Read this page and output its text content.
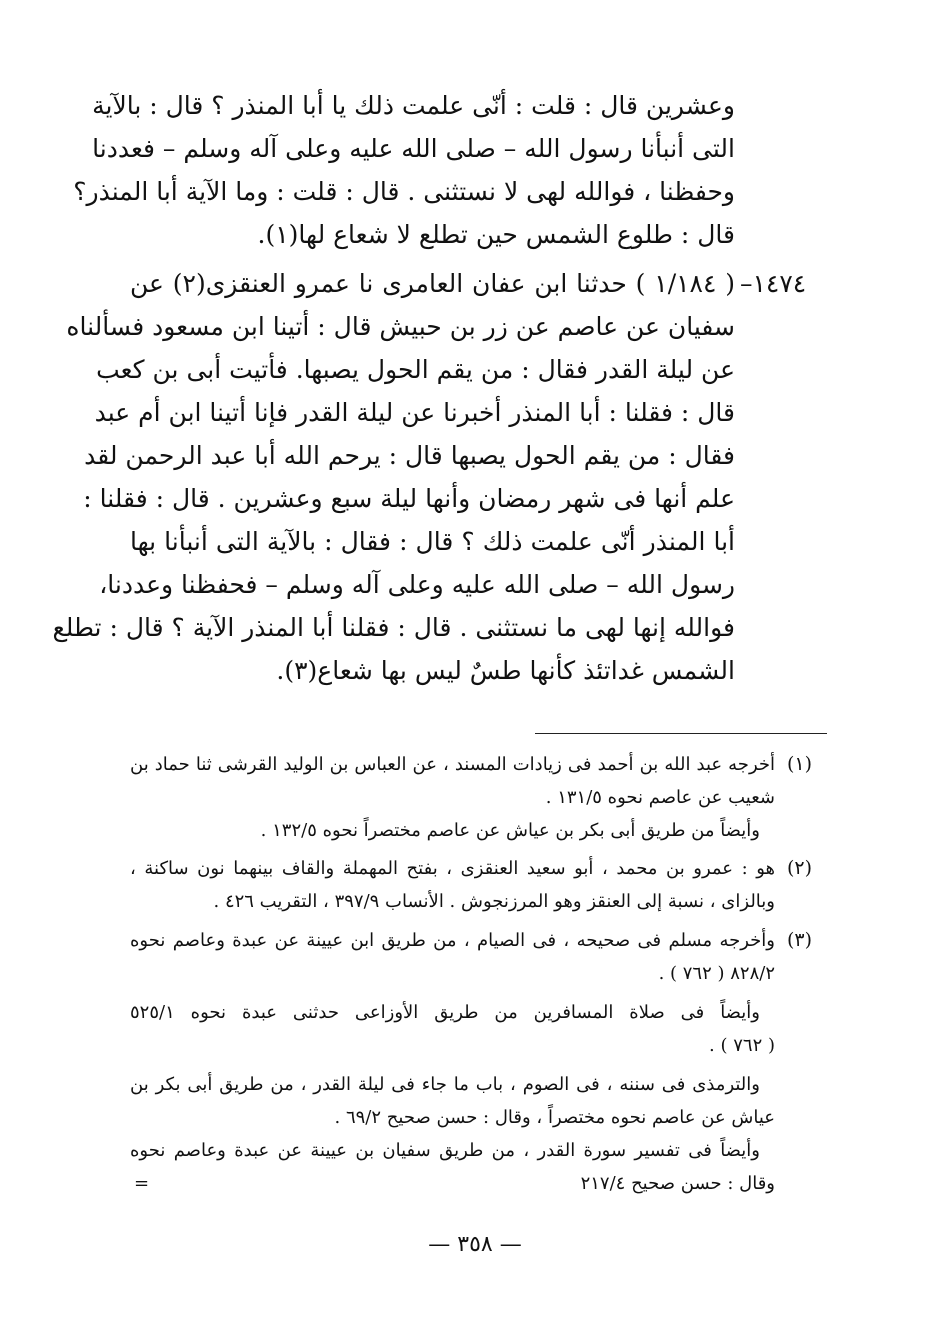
وعشرين قال : قلت : أنّى علمت ذلك يا أبا المنذر ؟ قال : بالآية
التى أنبأنا رسول الله – صلى الله عليه وعلى آله وسلم – فعددنا
وحفظنا ، فوالله لهى لا نستثنى . قال : قلت : وما الآية أبا المنذر؟
قال : طلوع الشمس حين تطلع لا شعاع لها(١).
١٤٧٤–
( ١/١٨٤ ) حدثنا ابن عفان العامرى نا عمرو العنقزى(٢) عن
سفيان عن عاصم عن زر بن حبيش قال : أتينا ابن مسعود فسألناه
عن ليلة القدر فقال : من يقم الحول يصبها. فأتيت أبى بن كعب
قال : فقلنا : أبا المنذر أخبرنا عن ليلة القدر فإنا أتينا ابن أم عبد
فقال : من يقم الحول يصبها قال : يرحم الله أبا عبد الرحمن لقد
علم أنها فى شهر رمضان وأنها ليلة سبع وعشرين . قال : فقلنا :
أبا المنذر أنّى علمت ذلك ؟ قال : فقال : بالآية التى أنبأنا بها
رسول الله – صلى الله عليه وعلى آله وسلم – فحفظنا وعددنا،
فوالله إنها لهى ما نستثنى . قال : فقلنا أبا المنذر الآية ؟ قال : تطلع
الشمس غداتئذ كأنها طسٌ ليس بها شعاع(٣).
(١)
أخرجه عبد الله بن أحمد فى زيادات المسند ، عن العباس بن الوليد القرشى ثنا حماد بن
شعيب عن عاصم نحوه ١٣١/٥ .
وأيضاً من طريق أبى بكر بن عياش عن عاصم مختصراً نحوه ١٣٢/٥ .
(٢)
هو : عمرو بن محمد ، أبو سعيد العنقزى ، بفتح المهملة والقاف بينهما نون ساكنة ،
وبالزاى ، نسبة إلى العنقز وهو المرزنجوش . الأنساب ٣٩٧/٩ ، التقريب ٤٢٦ .
(٣)
وأخرجه مسلم فى صحيحه ، فى الصيام ، من طريق ابن عيينة عن عبدة وعاصم نحوه
٨٢٨/٢ ( ٧٦٢ ) .
وأيضاً فى صلاة المسافرين من طريق الأوزاعى حدثنى عبدة نحوه ٥٢٥/١
( ٧٦٢ ) .
والترمذى فى سننه ، فى الصوم ، باب ما جاء فى ليلة القدر ، من طريق أبى بكر بن
عياش عن عاصم نحوه مختصراً ، وقال : حسن صحيح ٦٩/٢ .
وأيضاً فى تفسير سورة القدر ، من طريق سفيان بن عيينة عن عبدة وعاصم نحوه
وقال : حسن صحيح ٢١٧/٤
=
— ٣٥٨ —
